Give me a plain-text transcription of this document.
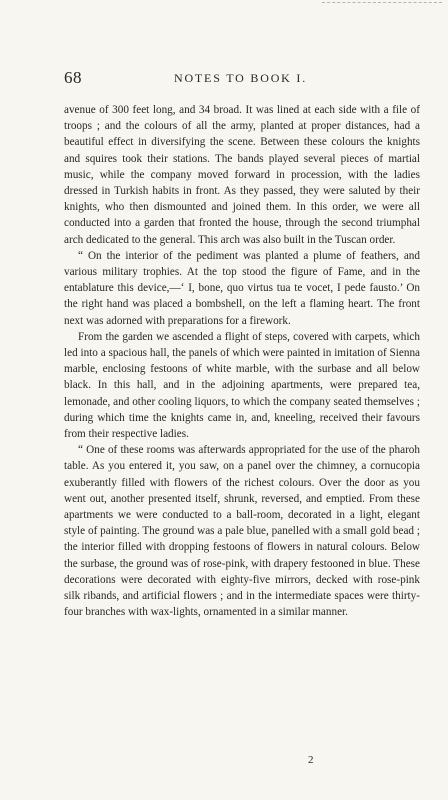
68	NOTES TO BOOK I.

avenue of 300 feet long, and 34 broad. It was lined at each side with a file of troops ; and the colours of all the army, planted at proper distances, had a beautiful effect in diversifying the scene. Between these colours the knights and squires took their stations. The bands played several pieces of martial music, while the company moved forward in procession, with the ladies dressed in Turkish habits in front. As they passed, they were saluted by their knights, who then dismounted and joined them. In this order, we were all conducted into a garden that fronted the house, through the second triumphal arch dedicated to the general. This arch was also built in the Tuscan order.

“ On the interior of the pediment was planted a plume of feathers, and various military trophies. At the top stood the figure of Fame, and in the entablature this device,—‘ I, bone, quo virtus tua te vocet, I pede fausto.’ On the right hand was placed a bombshell, on the left a flaming heart. The front next was adorned with preparations for a firework.

From the garden we ascended a flight of steps, covered with carpets, which led into a spacious hall, the panels of which were painted in imitation of Sienna marble, enclosing festoons of white marble, with the surbase and all below black. In this hall, and in the adjoining apartments, were prepared tea, lemonade, and other cooling liquors, to which the company seated themselves ; during which time the knights came in, and, kneeling, received their favours from their respective ladies.

“ One of these rooms was afterwards appropriated for the use of the pharoh table. As you entered it, you saw, on a panel over the chimney, a cornucopia exuberantly filled with flowers of the richest colours. Over the door as you went out, another presented itself, shrunk, reversed, and emptied. From these apartments we were conducted to a ball-room, decorated in a light, elegant style of painting. The ground was a pale blue, panelled with a small gold bead ; the interior filled with dropping festoons of flowers in natural colours. Below the surbase, the ground was of rose-pink, with drapery festooned in blue. These decorations were decorated with eighty-five mirrors, decked with rose-pink silk ribands, and artificial flowers ; and in the intermediate spaces were thirty-four branches with wax-lights, ornamented in a similar manner.

2
